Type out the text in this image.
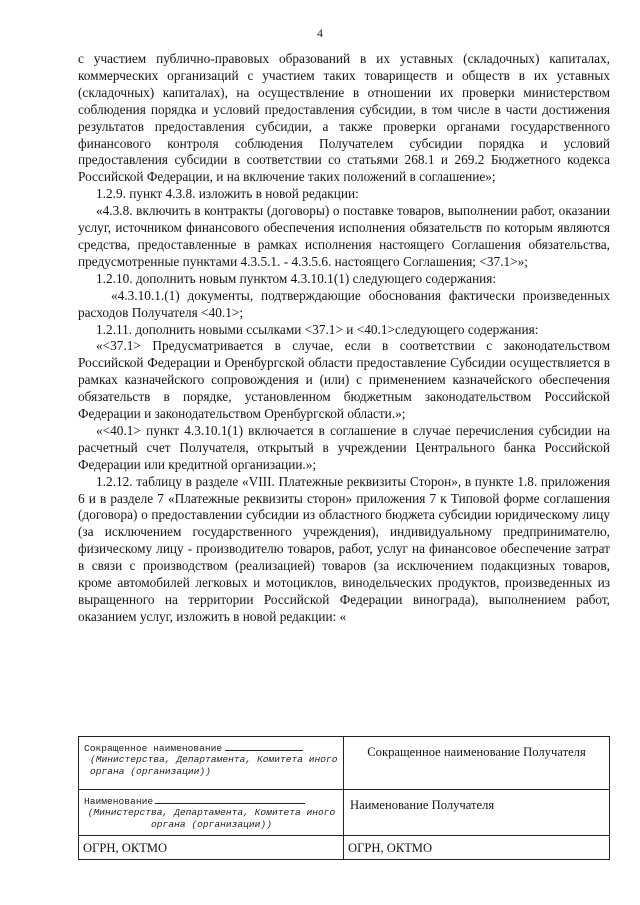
4

с участием публично-правовых образований в их уставных (складочных) капиталах, коммерческих организаций с участием таких товариществ и обществ в их уставных (складочных) капиталах), на осуществление в отношении их проверки министерством соблюдения порядка и условий предоставления субсидии, в том числе в части достижения результатов предоставления субсидии, а также проверки органами государственного финансового контроля соблюдения Получателем субсидии порядка и условий предоставления субсидии в соответствии со статьями 268.1 и 269.2 Бюджетного кодекса Российской Федерации, и на включение таких положений в соглашение»;

1.2.9. пункт 4.3.8. изложить в новой редакции:

«4.3.8. включить в контракты (договоры) о поставке товаров, выполнении работ, оказании услуг, источником финансового обеспечения исполнения обязательств по которым являются средства, предоставленные в рамках исполнения настоящего Соглашения обязательства, предусмотренные пунктами 4.3.5.1. - 4.3.5.6. настоящего Соглашения; <37.1>»;

1.2.10. дополнить новым пунктом 4.3.10.1(1) следующего содержания:

«4.3.10.1.(1) документы, подтверждающие обоснования фактически произведенных расходов Получателя <40.1>;

1.2.11. дополнить новыми ссылками <37.1> и <40.1>следующего содержания:

«<37.1> Предусматривается в случае, если в соответствии с законодательством Российской Федерации и Оренбургской области предоставление Субсидии осуществляется в рамках казначейского сопровождения и (или) с применением казначейского обеспечения обязательств в порядке, установленном бюджетным законодательством Российской Федерации и законодательством Оренбургской области.»;

«<40.1> пункт 4.3.10.1(1) включается в соглашение в случае перечисления субсидии на расчетный счет Получателя, открытый в учреждении Центрального банка Российской Федерации или кредитной организации.»;

1.2.12. таблицу в разделе «VIII. Платежные реквизиты Сторон», в пункте 1.8. приложения 6 и в разделе 7 «Платежные реквизиты сторон» приложения 7 к Типовой форме соглашения (договора) о предоставлении субсидии из областного бюджета субсидии юридическому лицу (за исключением государственного учреждения), индивидуальному предпринимателю, физическому лицу - производителю товаров, работ, услуг на финансовое обеспечение затрат в связи с производством (реализацией) товаров (за исключением подакцизных товаров, кроме автомобилей легковых и мотоциклов, винодельческих продуктов, произведенных из выращенного на территории Российской Федерации винограда), выполнением работ, оказанием услуг, изложить в новой редакции: «

Сокращенное наименование
(Министерства, Департамента, Комитета иного органа (организации))	Сокращенное наименование Получателя

Наименование
(Министерства, Департамента, Комитета иного органа (организации))	Наименование Получателя

ОГРН, ОКТМО	ОГРН, ОКТМО
